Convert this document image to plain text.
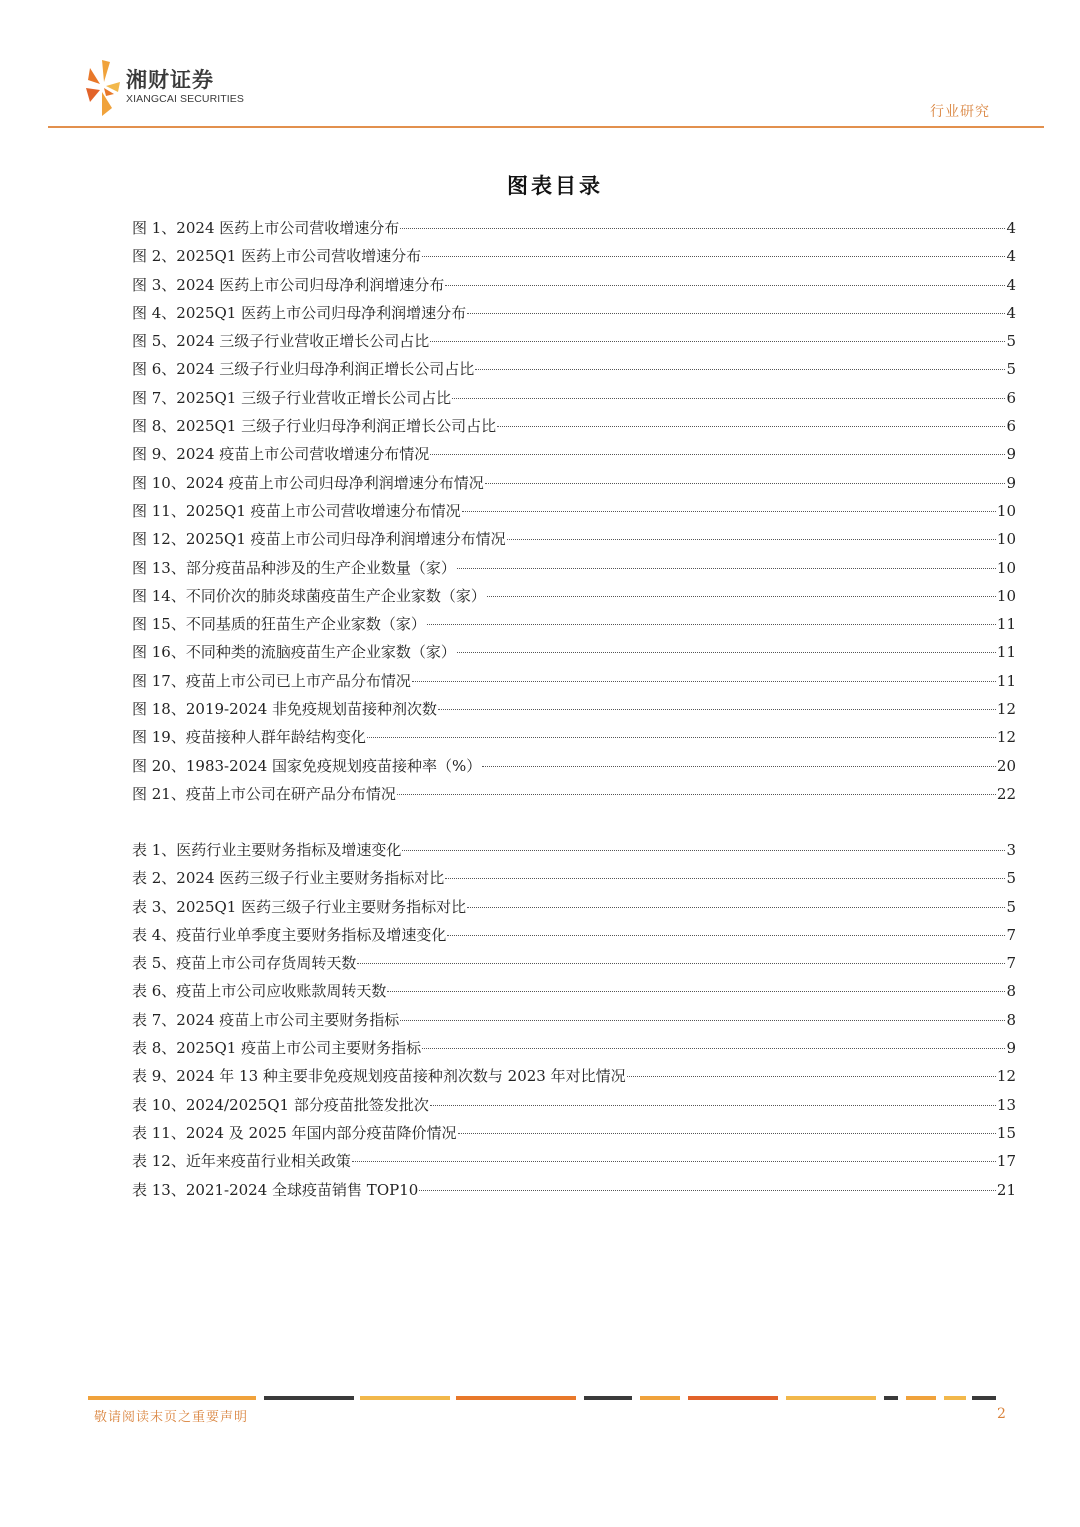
湘财证券
XIANGCAI SECURITIES
行业研究
图表目录
图 1、2024 医药上市公司营收增速分布	4
图 2、2025Q1 医药上市公司营收增速分布	4
图 3、2024 医药上市公司归母净利润增速分布	4
图 4、2025Q1 医药上市公司归母净利润增速分布	4
图 5、2024 三级子行业营收正增长公司占比	5
图 6、2024 三级子行业归母净利润正增长公司占比	5
图 7、2025Q1 三级子行业营收正增长公司占比	6
图 8、2025Q1 三级子行业归母净利润正增长公司占比	6
图 9、2024 疫苗上市公司营收增速分布情况	9
图 10、2024 疫苗上市公司归母净利润增速分布情况	9
图 11、2025Q1 疫苗上市公司营收增速分布情况	10
图 12、2025Q1 疫苗上市公司归母净利润增速分布情况	10
图 13、部分疫苗品种涉及的生产企业数量（家）	10
图 14、不同价次的肺炎球菌疫苗生产企业家数（家）	10
图 15、不同基质的狂苗生产企业家数（家）	11
图 16、不同种类的流脑疫苗生产企业家数（家）	11
图 17、疫苗上市公司已上市产品分布情况	11
图 18、2019-2024 非免疫规划苗接种剂次数	12
图 19、疫苗接种人群年龄结构变化	12
图 20、1983-2024 国家免疫规划疫苗接种率（%）	20
图 21、疫苗上市公司在研产品分布情况	22
表 1、医药行业主要财务指标及增速变化	3
表 2、2024 医药三级子行业主要财务指标对比	5
表 3、2025Q1 医药三级子行业主要财务指标对比	5
表 4、疫苗行业单季度主要财务指标及增速变化	7
表 5、疫苗上市公司存货周转天数	7
表 6、疫苗上市公司应收账款周转天数	8
表 7、2024 疫苗上市公司主要财务指标	8
表 8、2025Q1 疫苗上市公司主要财务指标	9
表 9、2024 年 13 种主要非免疫规划疫苗接种剂次数与 2023 年对比情况	12
表 10、2024/2025Q1 部分疫苗批签发批次	13
表 11、2024 及 2025 年国内部分疫苗降价情况	15
表 12、近年来疫苗行业相关政策	17
表 13、2021-2024 全球疫苗销售 TOP10	21
敬请阅读末页之重要声明	2
